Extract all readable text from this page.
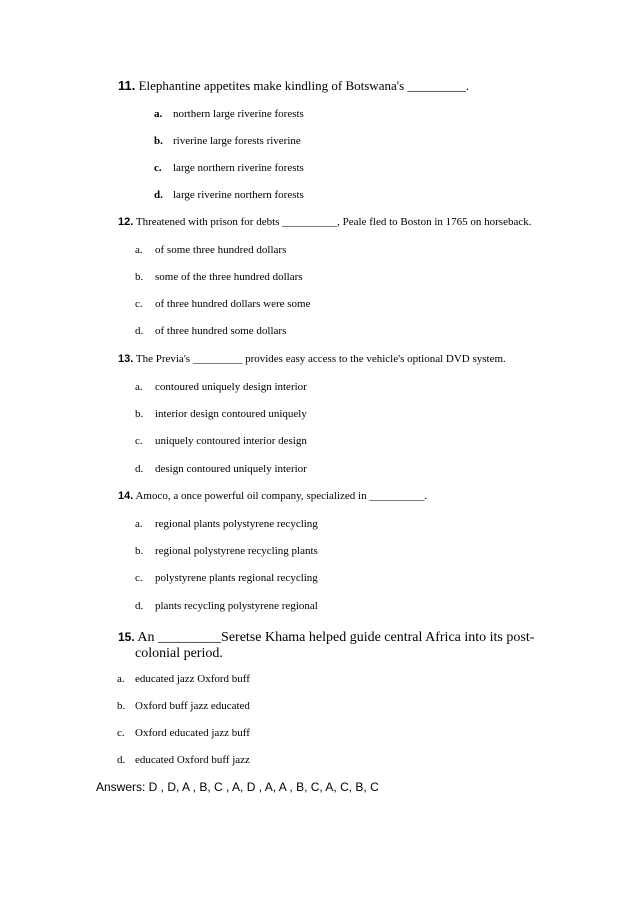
11. Elephantine appetites make kindling of Botswana's _________.
a. northern large riverine forests
b. riverine large forests riverine
c. large northern riverine forests
d. large riverine northern forests
12. Threatened with prison for debts __________, Peale fled to Boston in 1765 on horseback.
a. of some three hundred dollars
b. some of the three hundred dollars
c. of three hundred dollars were some
d. of three hundred some dollars
13. The Previa's _________ provides easy access to the vehicle's optional DVD system.
a. contoured uniquely design interior
b. interior design contoured uniquely
c. uniquely contoured interior design
d. design contoured uniquely interior
14. Amoco, a once powerful oil company, specialized in __________.
a. regional plants polystyrene recycling
b. regional polystyrene recycling plants
c. polystyrene plants regional recycling
d. plants recycling polystyrene regional
15. An _________Seretse Khama helped guide central Africa into its post-
colonial period.
a. educated jazz Oxford buff
b. Oxford buff jazz educated
c. Oxford educated jazz buff
d. educated Oxford buff jazz
Answers: D , D, A , B, C , A, D , A, A , B, C, A, C, B, C
